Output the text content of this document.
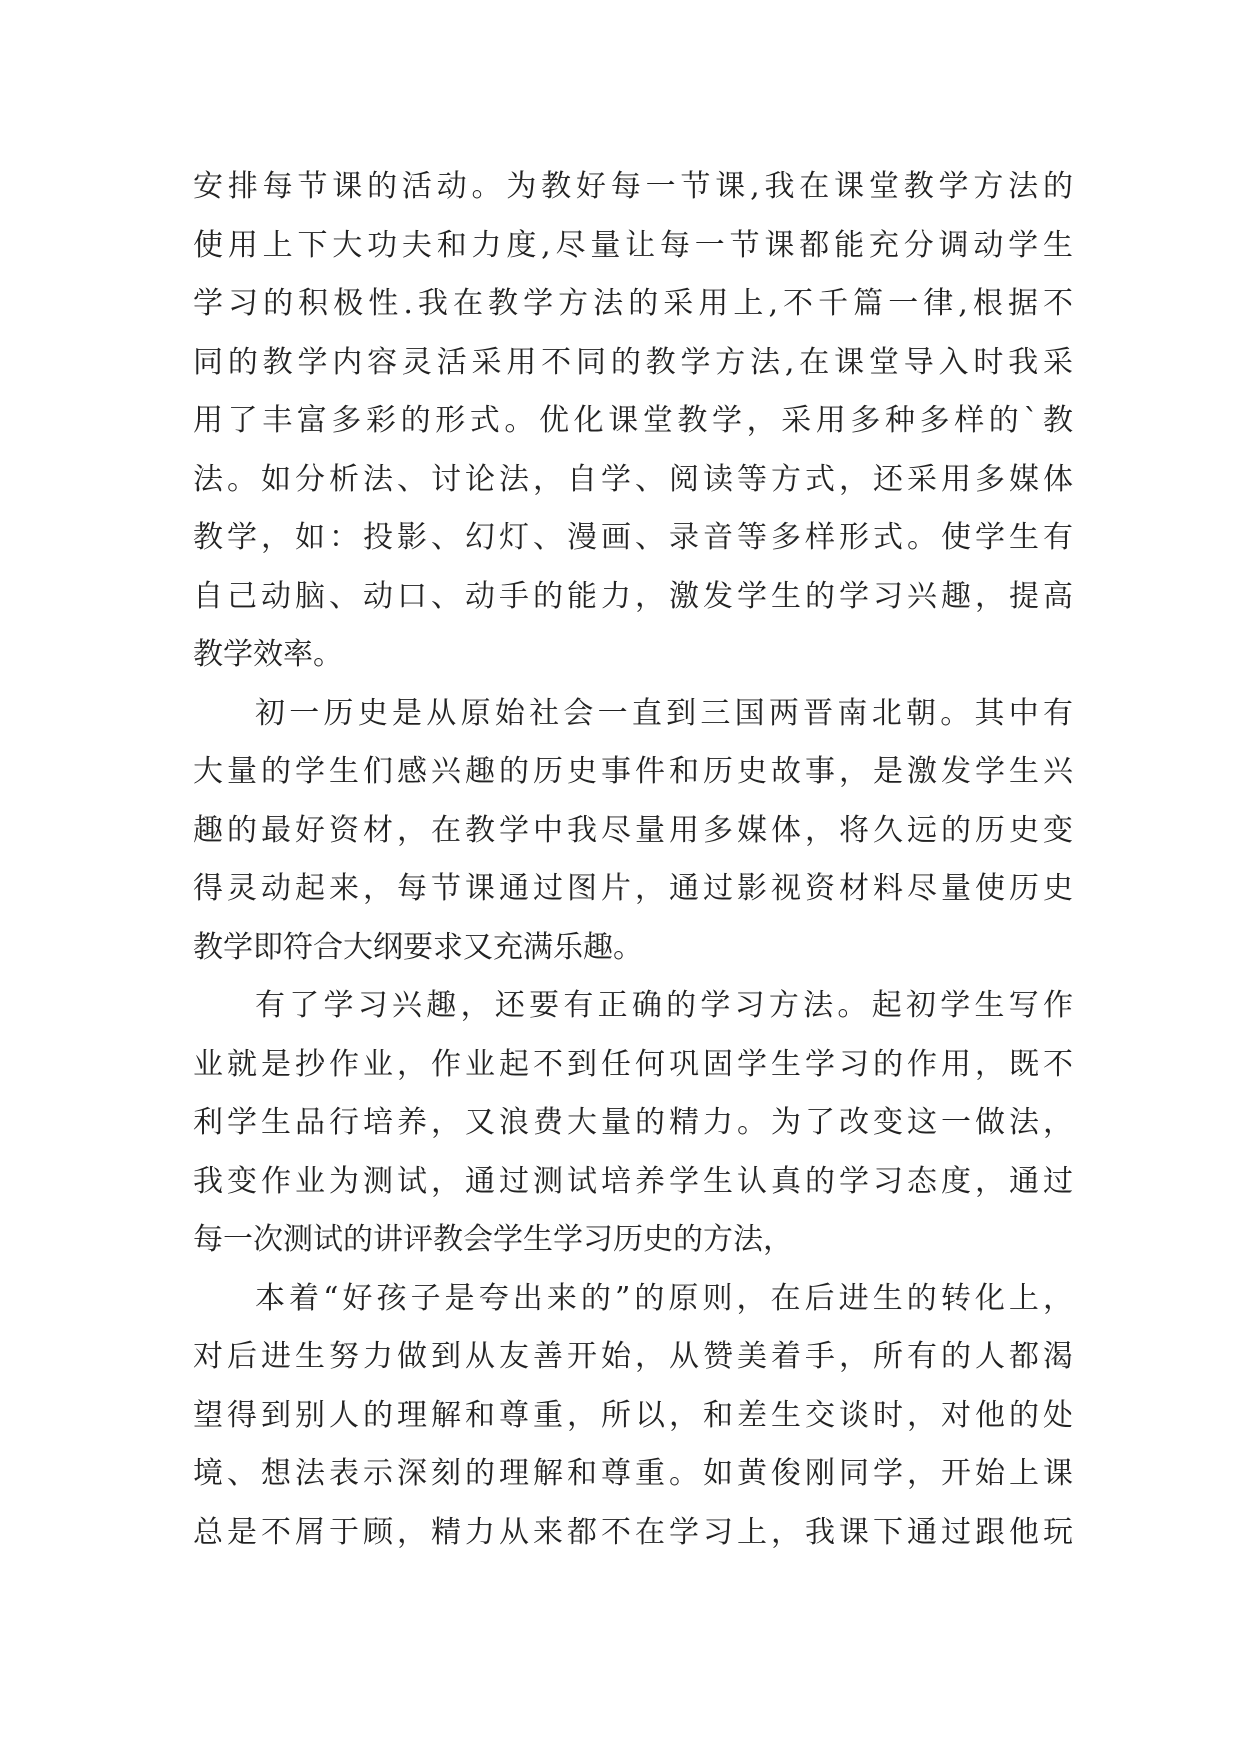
安排每节课的活动。为教好每一节课,我在课堂教学方法的
使用上下大功夫和力度,尽量让每一节课都能充分调动学生
学习的积极性.我在教学方法的采用上,不千篇一律,根据不
同的教学内容灵活采用不同的教学方法,在课堂导入时我采
用了丰富多彩的形式。优化课堂教学，采用多种多样的`教
法。如分析法、讨论法，自学、阅读等方式，还采用多媒体
教学，如：投影、幻灯、漫画、录音等多样形式。使学生有
自己动脑、动口、动手的能力，激发学生的学习兴趣，提高
教学效率。
初一历史是从原始社会一直到三国两晋南北朝。其中有
大量的学生们感兴趣的历史事件和历史故事，是激发学生兴
趣的最好资材，在教学中我尽量用多媒体，将久远的历史变
得灵动起来，每节课通过图片，通过影视资材料尽量使历史
教学即符合大纲要求又充满乐趣。
有了学习兴趣，还要有正确的学习方法。起初学生写作
业就是抄作业，作业起不到任何巩固学生学习的作用，既不
利学生品行培养，又浪费大量的精力。为了改变这一做法，
我变作业为测试，通过测试培养学生认真的学习态度，通过
每一次测试的讲评教会学生学习历史的方法，
本着“好孩子是夸出来的”的原则，在后进生的转化上，
对后进生努力做到从友善开始，从赞美着手，所有的人都渴
望得到别人的理解和尊重，所以，和差生交谈时，对他的处
境、想法表示深刻的理解和尊重。如黄俊刚同学，开始上课
总是不屑于顾，精力从来都不在学习上，我课下通过跟他玩
